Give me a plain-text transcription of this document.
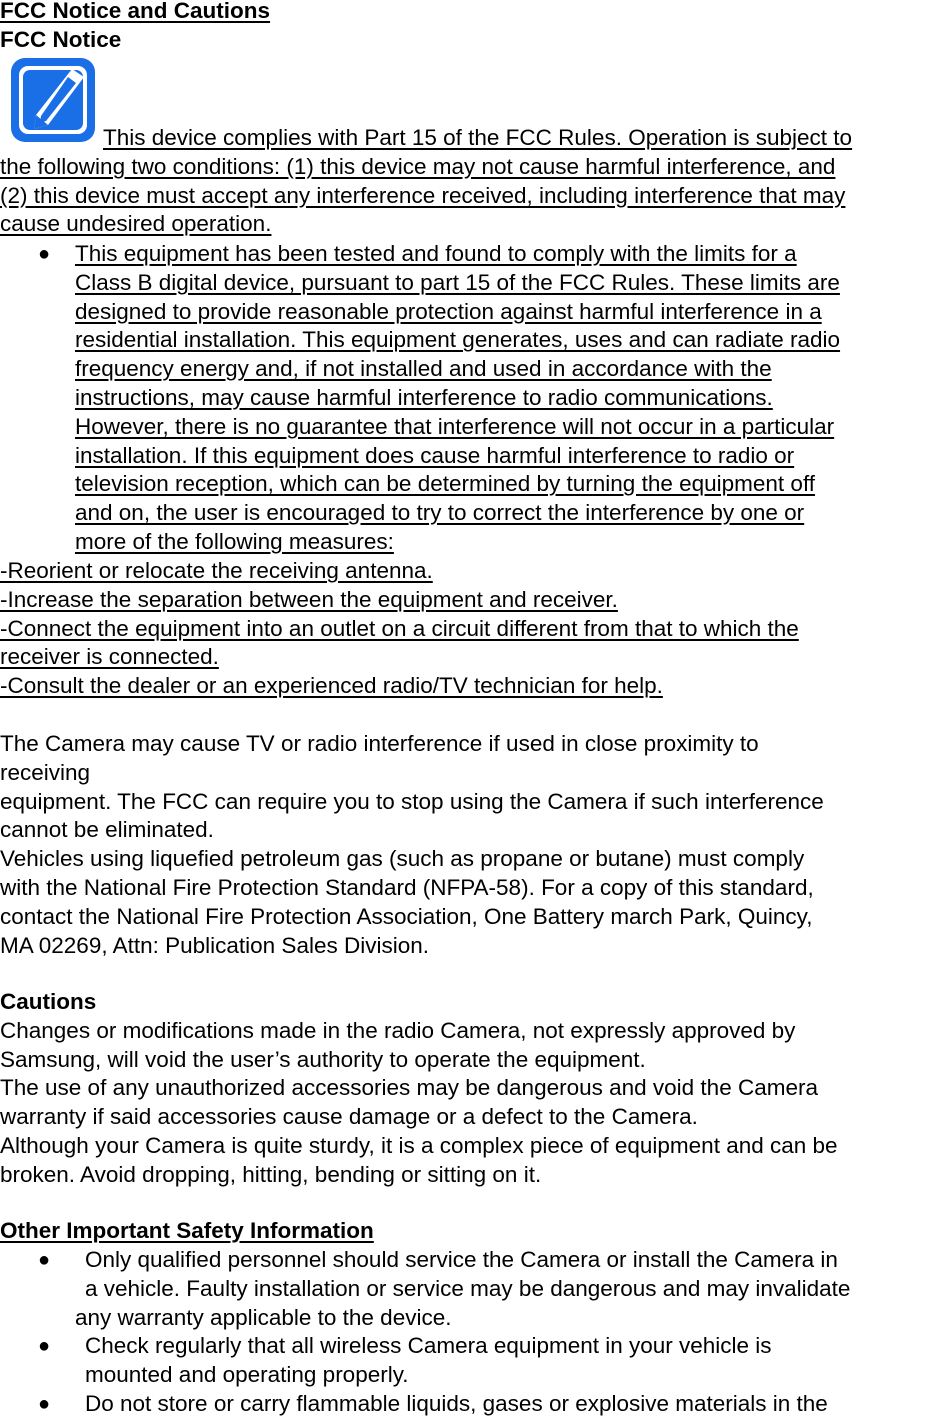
FCC Notice and Cautions
FCC Notice
This device complies with Part 15 of the FCC Rules. Operation is subject to
the following two conditions: (1) this device may not cause harmful interference, and
(2) this device must accept any interference received, including interference that may
cause undesired operation.
● This equipment has been tested and found to comply with the limits for a
Class B digital device, pursuant to part 15 of the FCC Rules. These limits are
designed to provide reasonable protection against harmful interference in a
residential installation. This equipment generates, uses and can radiate radio
frequency energy and, if not installed and used in accordance with the
instructions, may cause harmful interference to radio communications.
However, there is no guarantee that interference will not occur in a particular
installation. If this equipment does cause harmful interference to radio or
television reception, which can be determined by turning the equipment off
and on, the user is encouraged to try to correct the interference by one or
more of the following measures:
-Reorient or relocate the receiving antenna.
-Increase the separation between the equipment and receiver.
-Connect the equipment into an outlet on a circuit different from that to which the
receiver is connected.
-Consult the dealer or an experienced radio/TV technician for help.
The Camera may cause TV or radio interference if used in close proximity to
receiving
equipment. The FCC can require you to stop using the Camera if such interference
cannot be eliminated.
Vehicles using liquefied petroleum gas (such as propane or butane) must comply
with the National Fire Protection Standard (NFPA-58). For a copy of this standard,
contact the National Fire Protection Association, One Battery march Park, Quincy,
MA 02269, Attn: Publication Sales Division.
Cautions
Changes or modifications made in the radio Camera, not expressly approved by
Samsung, will void the user’s authority to operate the equipment.
The use of any unauthorized accessories may be dangerous and void the Camera
warranty if said accessories cause damage or a defect to the Camera.
Although your Camera is quite sturdy, it is a complex piece of equipment and can be
broken. Avoid dropping, hitting, bending or sitting on it.
Other Important Safety Information
● Only qualified personnel should service the Camera or install the Camera in
a vehicle. Faulty installation or service may be dangerous and may invalidate
any warranty applicable to the device.
● Check regularly that all wireless Camera equipment in your vehicle is
mounted and operating properly.
● Do not store or carry flammable liquids, gases or explosive materials in the
